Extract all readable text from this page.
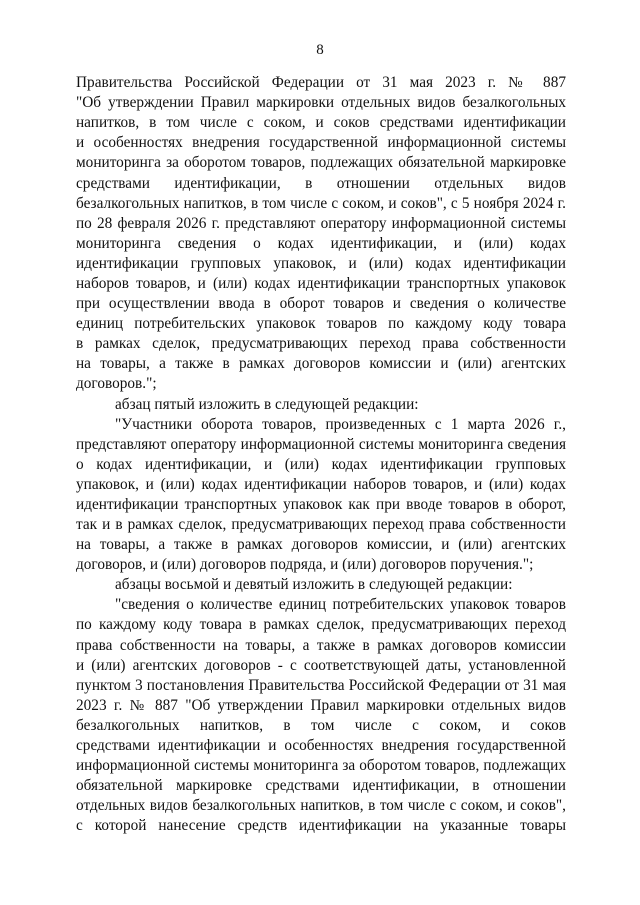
8
Правительства Российской Федерации от 31 мая 2023 г. № 887
"Об утверждении Правил маркировки отдельных видов безалкогольных
напитков, в том числе с соком, и соков средствами идентификации
и особенностях внедрения государственной информационной системы
мониторинга за оборотом товаров, подлежащих обязательной маркировке
средствами идентификации, в отношении отдельных видов
безалкогольных напитков, в том числе с соком, и соков", с 5 ноября 2024 г.
по 28 февраля 2026 г. представляют оператору информационной системы
мониторинга сведения о кодах идентификации, и (или) кодах
идентификации групповых упаковок, и (или) кодах идентификации
наборов товаров, и (или) кодах идентификации транспортных упаковок
при осуществлении ввода в оборот товаров и сведения о количестве
единиц потребительских упаковок товаров по каждому коду товара
в рамках сделок, предусматривающих переход права собственности
на товары, а также в рамках договоров комиссии и (или) агентских
договоров.";
абзац пятый изложить в следующей редакции:
"Участники оборота товаров, произведенных с 1 марта 2026 г.,
представляют оператору информационной системы мониторинга сведения
о кодах идентификации, и (или) кодах идентификации групповых
упаковок, и (или) кодах идентификации наборов товаров, и (или) кодах
идентификации транспортных упаковок как при вводе товаров в оборот,
так и в рамках сделок, предусматривающих переход права собственности
на товары, а также в рамках договоров комиссии, и (или) агентских
договоров, и (или) договоров подряда, и (или) договоров поручения.";
абзацы восьмой и девятый изложить в следующей редакции:
"сведения о количестве единиц потребительских упаковок товаров
по каждому коду товара в рамках сделок, предусматривающих переход
права собственности на товары, а также в рамках договоров комиссии
и (или) агентских договоров - с соответствующей даты, установленной
пунктом 3 постановления Правительства Российской Федерации от 31 мая
2023 г. № 887 "Об утверждении Правил маркировки отдельных видов
безалкогольных напитков, в том числе с соком, и соков
средствами идентификации и особенностях внедрения государственной
информационной системы мониторинга за оборотом товаров, подлежащих
обязательной маркировке средствами идентификации, в отношении
отдельных видов безалкогольных напитков, в том числе с соком, и соков",
с которой нанесение средств идентификации на указанные товары
